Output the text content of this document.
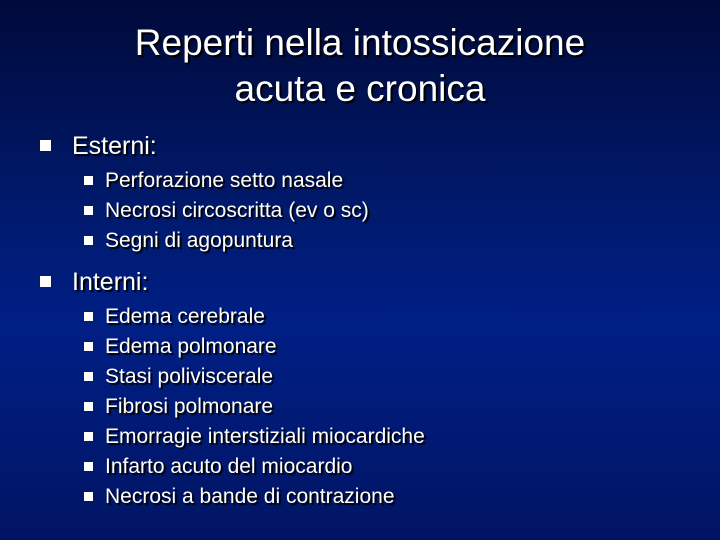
Reperti nella intossicazione
acuta e cronica
Esterni:
Perforazione setto nasale
Necrosi circoscritta (ev o sc)
Segni di agopuntura
Interni:
Edema cerebrale
Edema polmonare
Stasi poliviscerale
Fibrosi polmonare
Emorragie interstiziali miocardiche
Infarto acuto del miocardio
Necrosi a bande di contrazione
